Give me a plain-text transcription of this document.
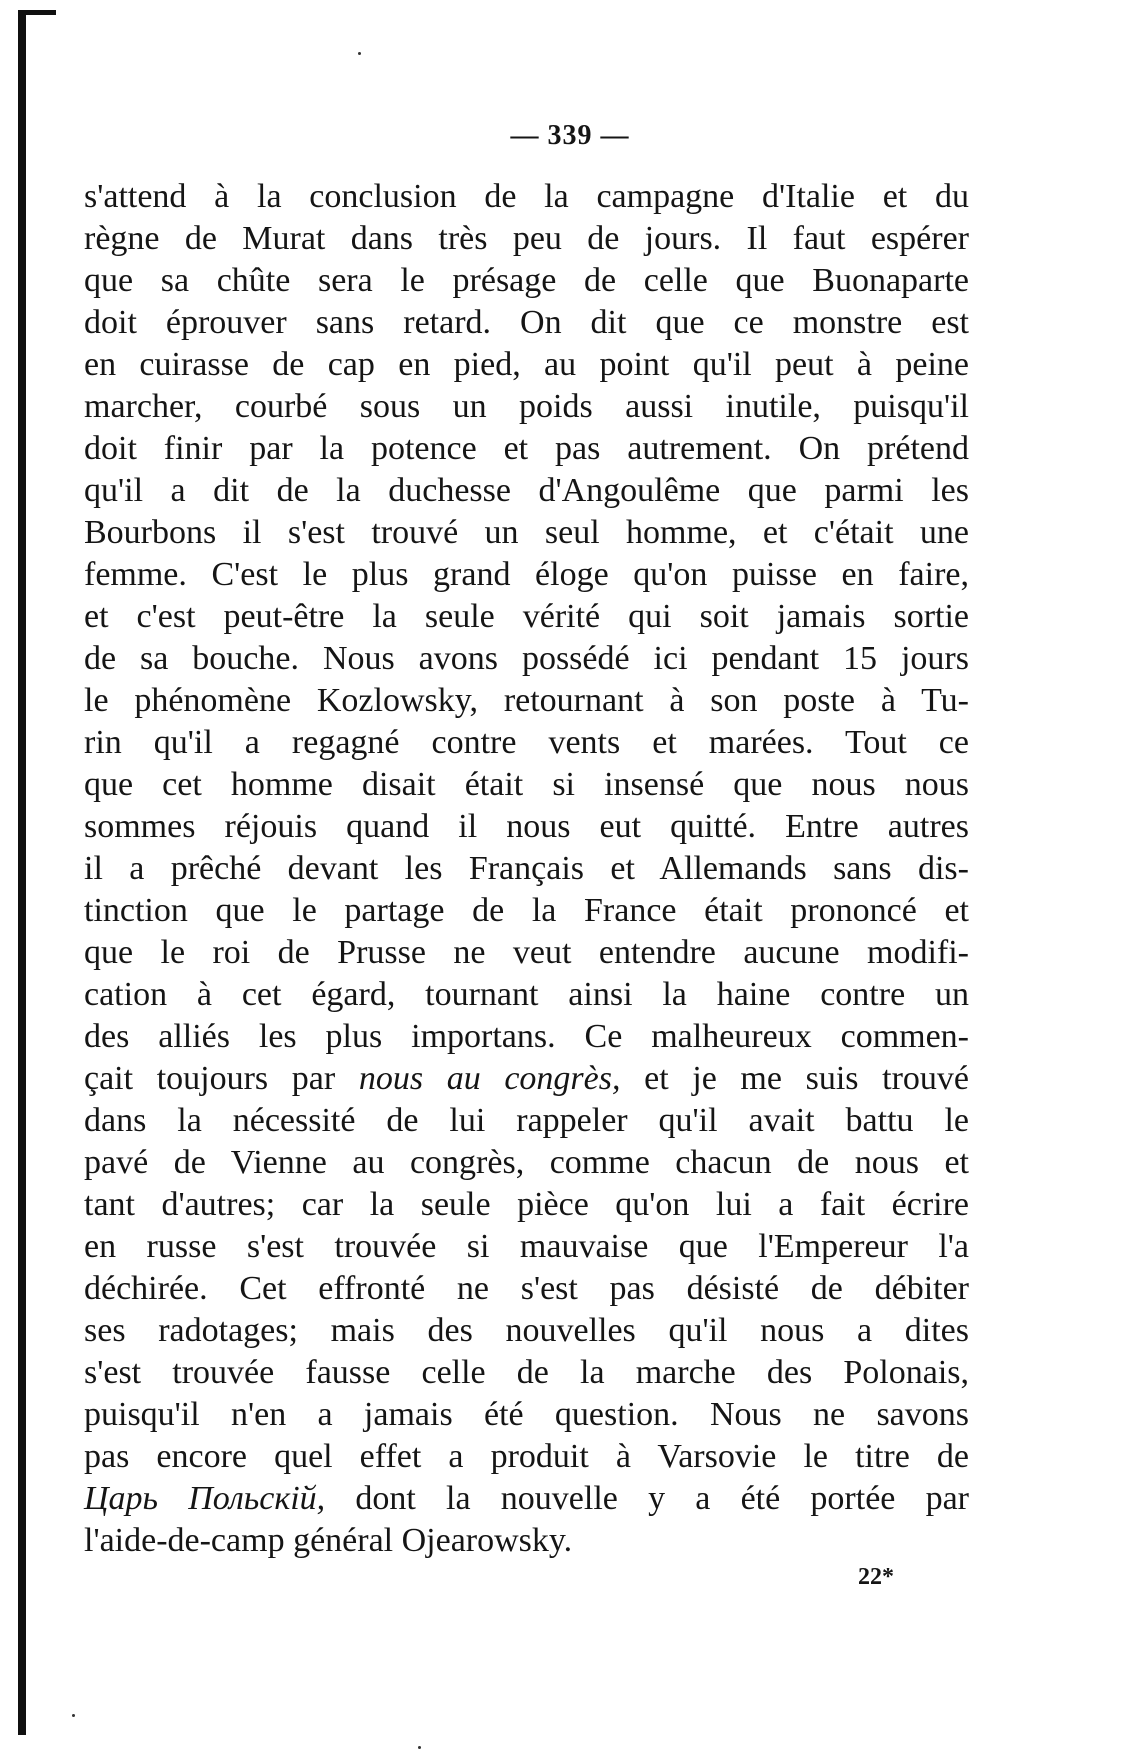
— 339 —
s'attend à la conclusion de la campagne d'Italie et du
règne de Murat dans très peu de jours. Il faut espérer
que sa chûte sera le présage de celle que Buonaparte
doit éprouver sans retard. On dit que ce monstre est
en cuirasse de cap en pied, au point qu'il peut à peine
marcher, courbé sous un poids aussi inutile, puisqu'il
doit finir par la potence et pas autrement. On prétend
qu'il a dit de la duchesse d'Angoulême que parmi les
Bourbons il s'est trouvé un seul homme, et c'était une
femme. C'est le plus grand éloge qu'on puisse en faire,
et c'est peut-être la seule vérité qui soit jamais sortie
de sa bouche. Nous avons possédé ici pendant 15 jours
le phénomène Kozlowsky, retournant à son poste à Tu-
rin qu'il a regagné contre vents et marées. Tout ce
que cet homme disait était si insensé que nous nous
sommes réjouis quand il nous eut quitté. Entre autres
il a prêché devant les Français et Allemands sans dis-
tinction que le partage de la France était prononcé et
que le roi de Prusse ne veut entendre aucune modifi-
cation à cet égard, tournant ainsi la haine contre un
des alliés les plus importans. Ce malheureux commen-
çait toujours par nous au congrès, et je me suis trouvé
dans la nécessité de lui rappeler qu'il avait battu le
pavé de Vienne au congrès, comme chacun de nous et
tant d'autres; car la seule pièce qu'on lui a fait écrire
en russe s'est trouvée si mauvaise que l'Empereur l'a
déchirée. Cet effronté ne s'est pas désisté de débiter
ses radotages; mais des nouvelles qu'il nous a dites
s'est trouvée fausse celle de la marche des Polonais,
puisqu'il n'en a jamais été question. Nous ne savons
pas encore quel effet a produit à Varsovie le titre de
Царь Польскій, dont la nouvelle y a été portée par
l'aide-de-camp général Ojearowsky.
22*
